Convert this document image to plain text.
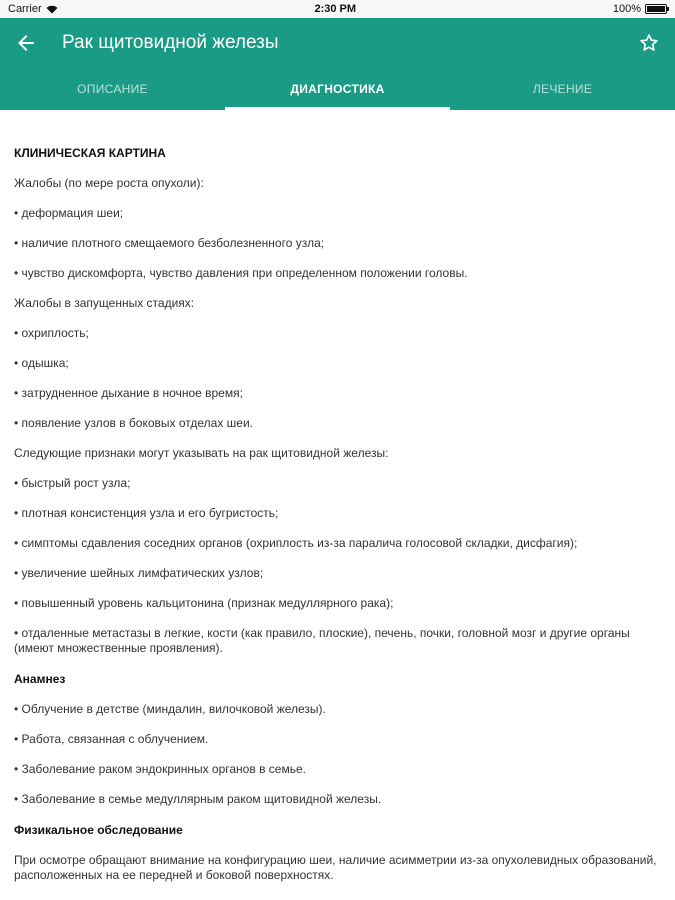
Carrier	2:30 PM	100%
Рак щитовидной железы
ОПИСАНИЕ	ДИАГНОСТИКА	ЛЕЧЕНИЕ
КЛИНИЧЕСКАЯ КАРТИНА

Жалобы (по мере роста опухоли):

• деформация шеи;

• наличие плотного смещаемого безболезненного узла;

• чувство дискомфорта, чувство давления при определенном положении головы.

Жалобы в запущенных стадиях:

• охриплость;

• одышка;

• затрудненное дыхание в ночное время;

• появление узлов в боковых отделах шеи.

Следующие признаки могут указывать на рак щитовидной железы:

• быстрый рост узла;

• плотная консистенция узла и его бугристость;

• симптомы сдавления соседних органов (охриплость из-за паралича голосовой складки, дисфагия);

• увеличение шейных лимфатических узлов;

• повышенный уровень кальцитонина (признак медуллярного рака);

• отдаленные метастазы в легкие, кости (как правило, плоские), печень, почки, головной мозг и другие органы (имеют множественные проявления).

Анамнез

• Облучение в детстве (миндалин, вилочковой железы).

• Работа, связанная с облучением.

• Заболевание раком эндокринных органов в семье.

• Заболевание в семье медуллярным раком щитовидной железы.

Физикальное обследование

При осмотре обращают внимание на конфигурацию шеи, наличие асимметрии из-за опухолевидных образований, расположенных на ее передней и боковой поверхностях.
